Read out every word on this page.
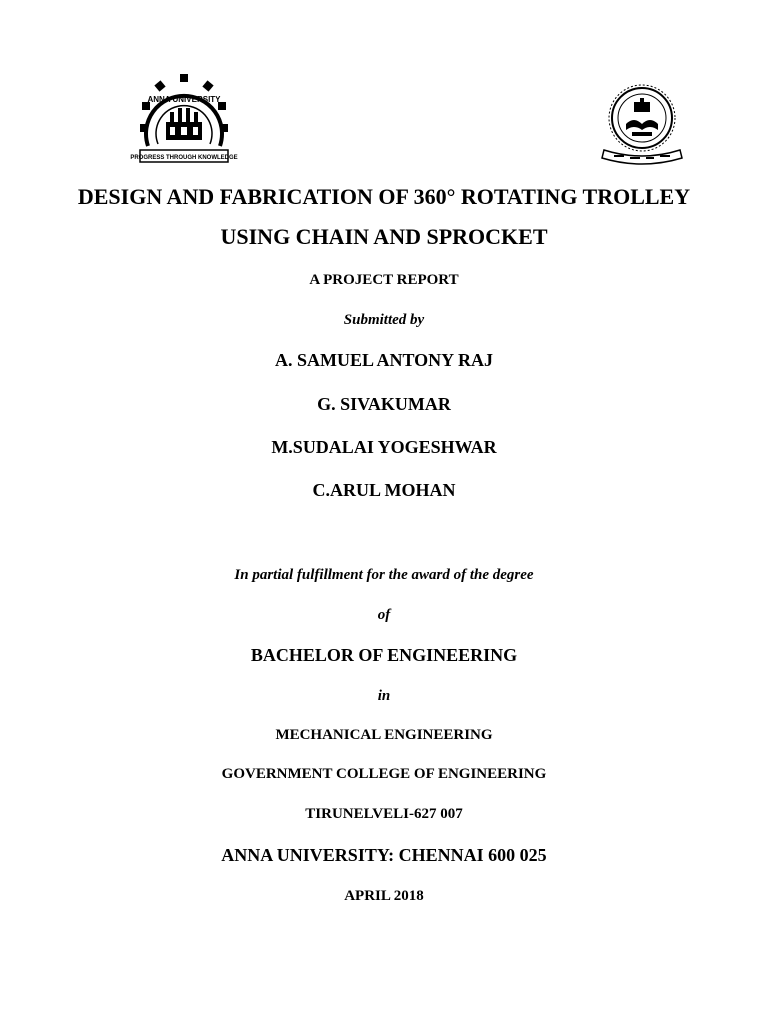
ANNA UNIVERSITY
PROGRESS THROUGH KNOWLEDGE
DESIGN AND FABRICATION OF 360° ROTATING TROLLEY
USING CHAIN AND SPROCKET
A PROJECT REPORT
Submitted by
A. SAMUEL ANTONY RAJ
G. SIVAKUMAR
M.SUDALAI YOGESHWAR
C.ARUL MOHAN
In partial fulfillment for the award of the degree
of
BACHELOR OF ENGINEERING
in
MECHANICAL ENGINEERING
GOVERNMENT COLLEGE OF ENGINEERING
TIRUNELVELI-627 007
ANNA UNIVERSITY: CHENNAI 600 025
APRIL 2018
